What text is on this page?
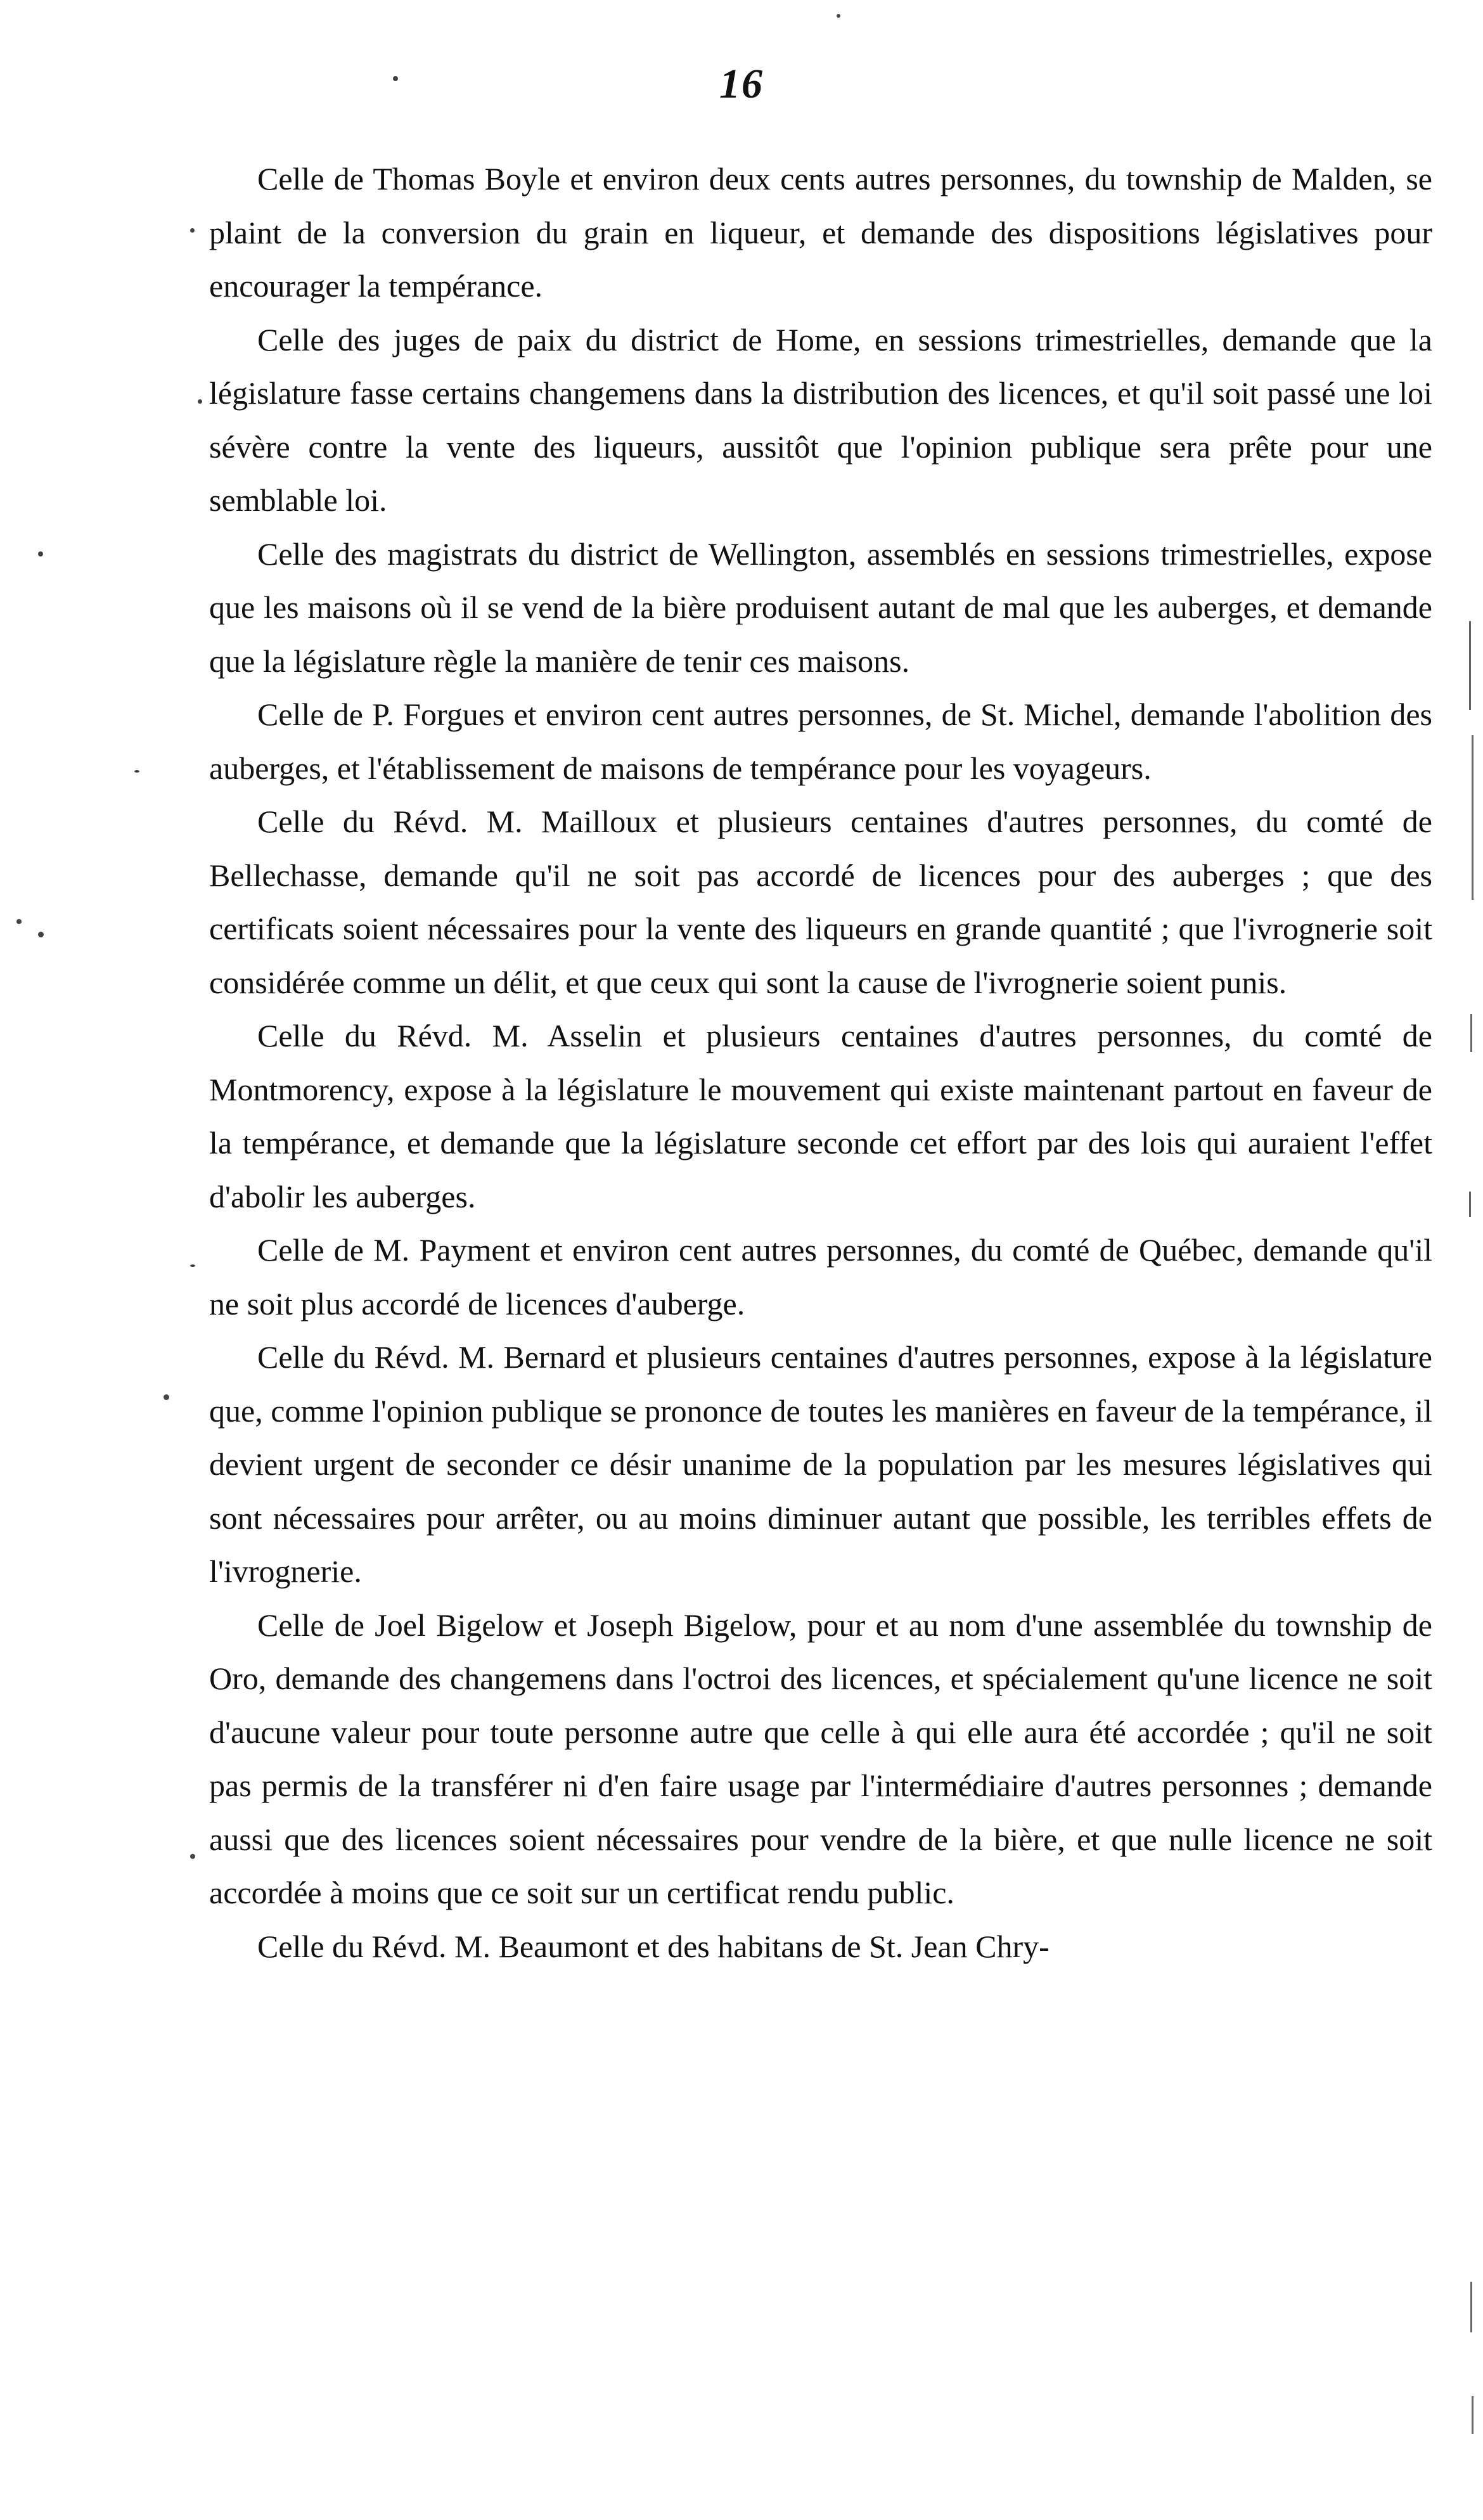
16

Celle de Thomas Boyle et environ deux cents autres personnes, du township de Malden, se plaint de la conversion du grain en liqueur, et demande des dispositions législatives pour encourager la tempérance.

Celle des juges de paix du district de Home, en sessions trimestrielles, demande que la législature fasse certains changemens dans la distribution des licences, et qu'il soit passé une loi sévère contre la vente des liqueurs, aussitôt que l'opinion publique sera prête pour une semblable loi.

Celle des magistrats du district de Wellington, assemblés en sessions trimestrielles, expose que les maisons où il se vend de la bière produisent autant de mal que les auberges, et demande que la législature règle la manière de tenir ces maisons.

Celle de P. Forgues et environ cent autres personnes, de St. Michel, demande l'abolition des auberges, et l'établissement de maisons de tempérance pour les voyageurs.

Celle du Révd. M. Mailloux et plusieurs centaines d'autres personnes, du comté de Bellechasse, demande qu'il ne soit pas accordé de licences pour des auberges ; que des certificats soient nécessaires pour la vente des liqueurs en grande quantité ; que l'ivrognerie soit considérée comme un délit, et que ceux qui sont la cause de l'ivrognerie soient punis.

Celle du Révd. M. Asselin et plusieurs centaines d'autres personnes, du comté de Montmorency, expose à la législature le mouvement qui existe maintenant partout en faveur de la tempérance, et demande que la législature seconde cet effort par des lois qui auraient l'effet d'abolir les auberges.

Celle de M. Payment et environ cent autres personnes, du comté de Québec, demande qu'il ne soit plus accordé de licences d'auberge.

Celle du Révd. M. Bernard et plusieurs centaines d'autres personnes, expose à la législature que, comme l'opinion publique se prononce de toutes les manières en faveur de la tempérance, il devient urgent de seconder ce désir unanime de la population par les mesures législatives qui sont nécessaires pour arrêter, ou au moins diminuer autant que possible, les terribles effets de l'ivrognerie.

Celle de Joel Bigelow et Joseph Bigelow, pour et au nom d'une assemblée du township de Oro, demande des changemens dans l'octroi des licences, et spécialement qu'une licence ne soit d'aucune valeur pour toute personne autre que celle à qui elle aura été accordée ; qu'il ne soit pas permis de la transférer ni d'en faire usage par l'intermédiaire d'autres personnes ; demande aussi que des licences soient nécessaires pour vendre de la bière, et que nulle licence ne soit accordée à moins que ce soit sur un certificat rendu public.

Celle du Révd. M. Beaumont et des habitans de St. Jean Chry-
